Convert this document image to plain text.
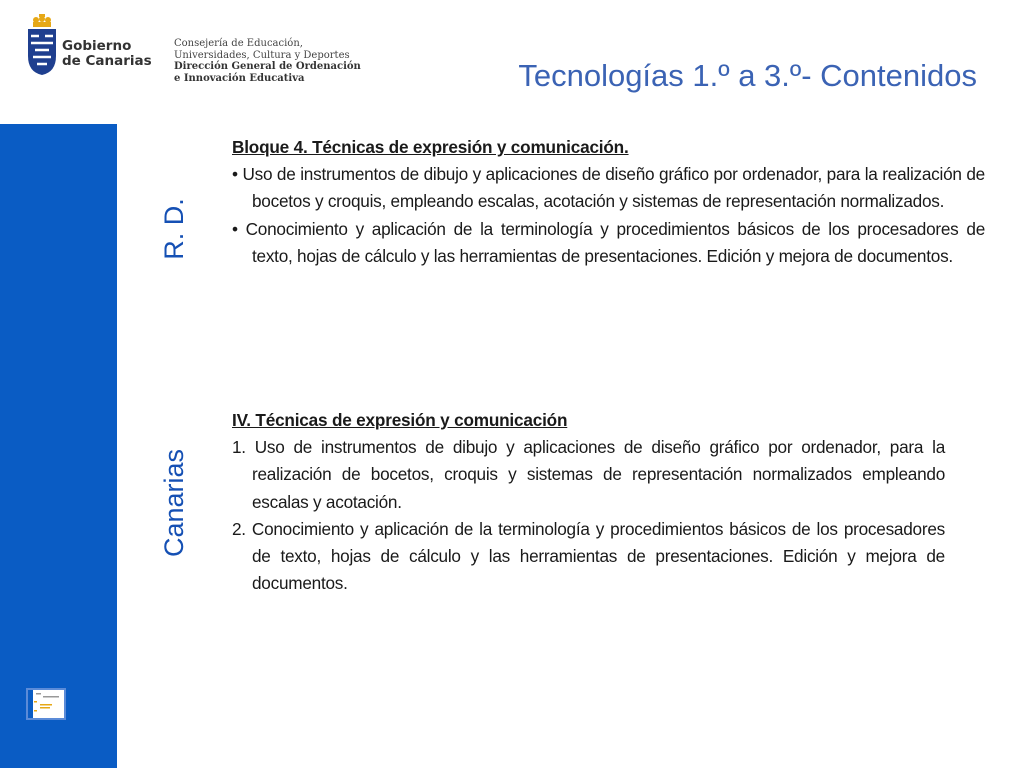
Gobierno
de Canarias
Consejería de Educación,
Universidades, Cultura y Deportes
Dirección General de Ordenación
e Innovación Educativa	Tecnologías 1.º a 3.º- Contenidos
R. D.
Canarias
Bloque 4. Técnicas de expresión y comunicación.
• Uso de instrumentos de dibujo y aplicaciones de diseño gráfico por ordenador, para la realización de bocetos y croquis, empleando escalas, acotación y sistemas de representación normalizados.
• Conocimiento y aplicación de la terminología y procedimientos básicos de los procesadores de texto, hojas de cálculo y las herramientas de presentaciones. Edición y mejora de documentos.
IV. Técnicas de expresión y comunicación
1. Uso de instrumentos de dibujo y aplicaciones de diseño gráfico por ordenador, para la realización de bocetos, croquis y sistemas de representación normalizados empleando escalas y acotación.
2. Conocimiento y aplicación de la terminología y procedimientos básicos de los procesadores de texto, hojas de cálculo y las herramientas de presentaciones. Edición y mejora de documentos.
